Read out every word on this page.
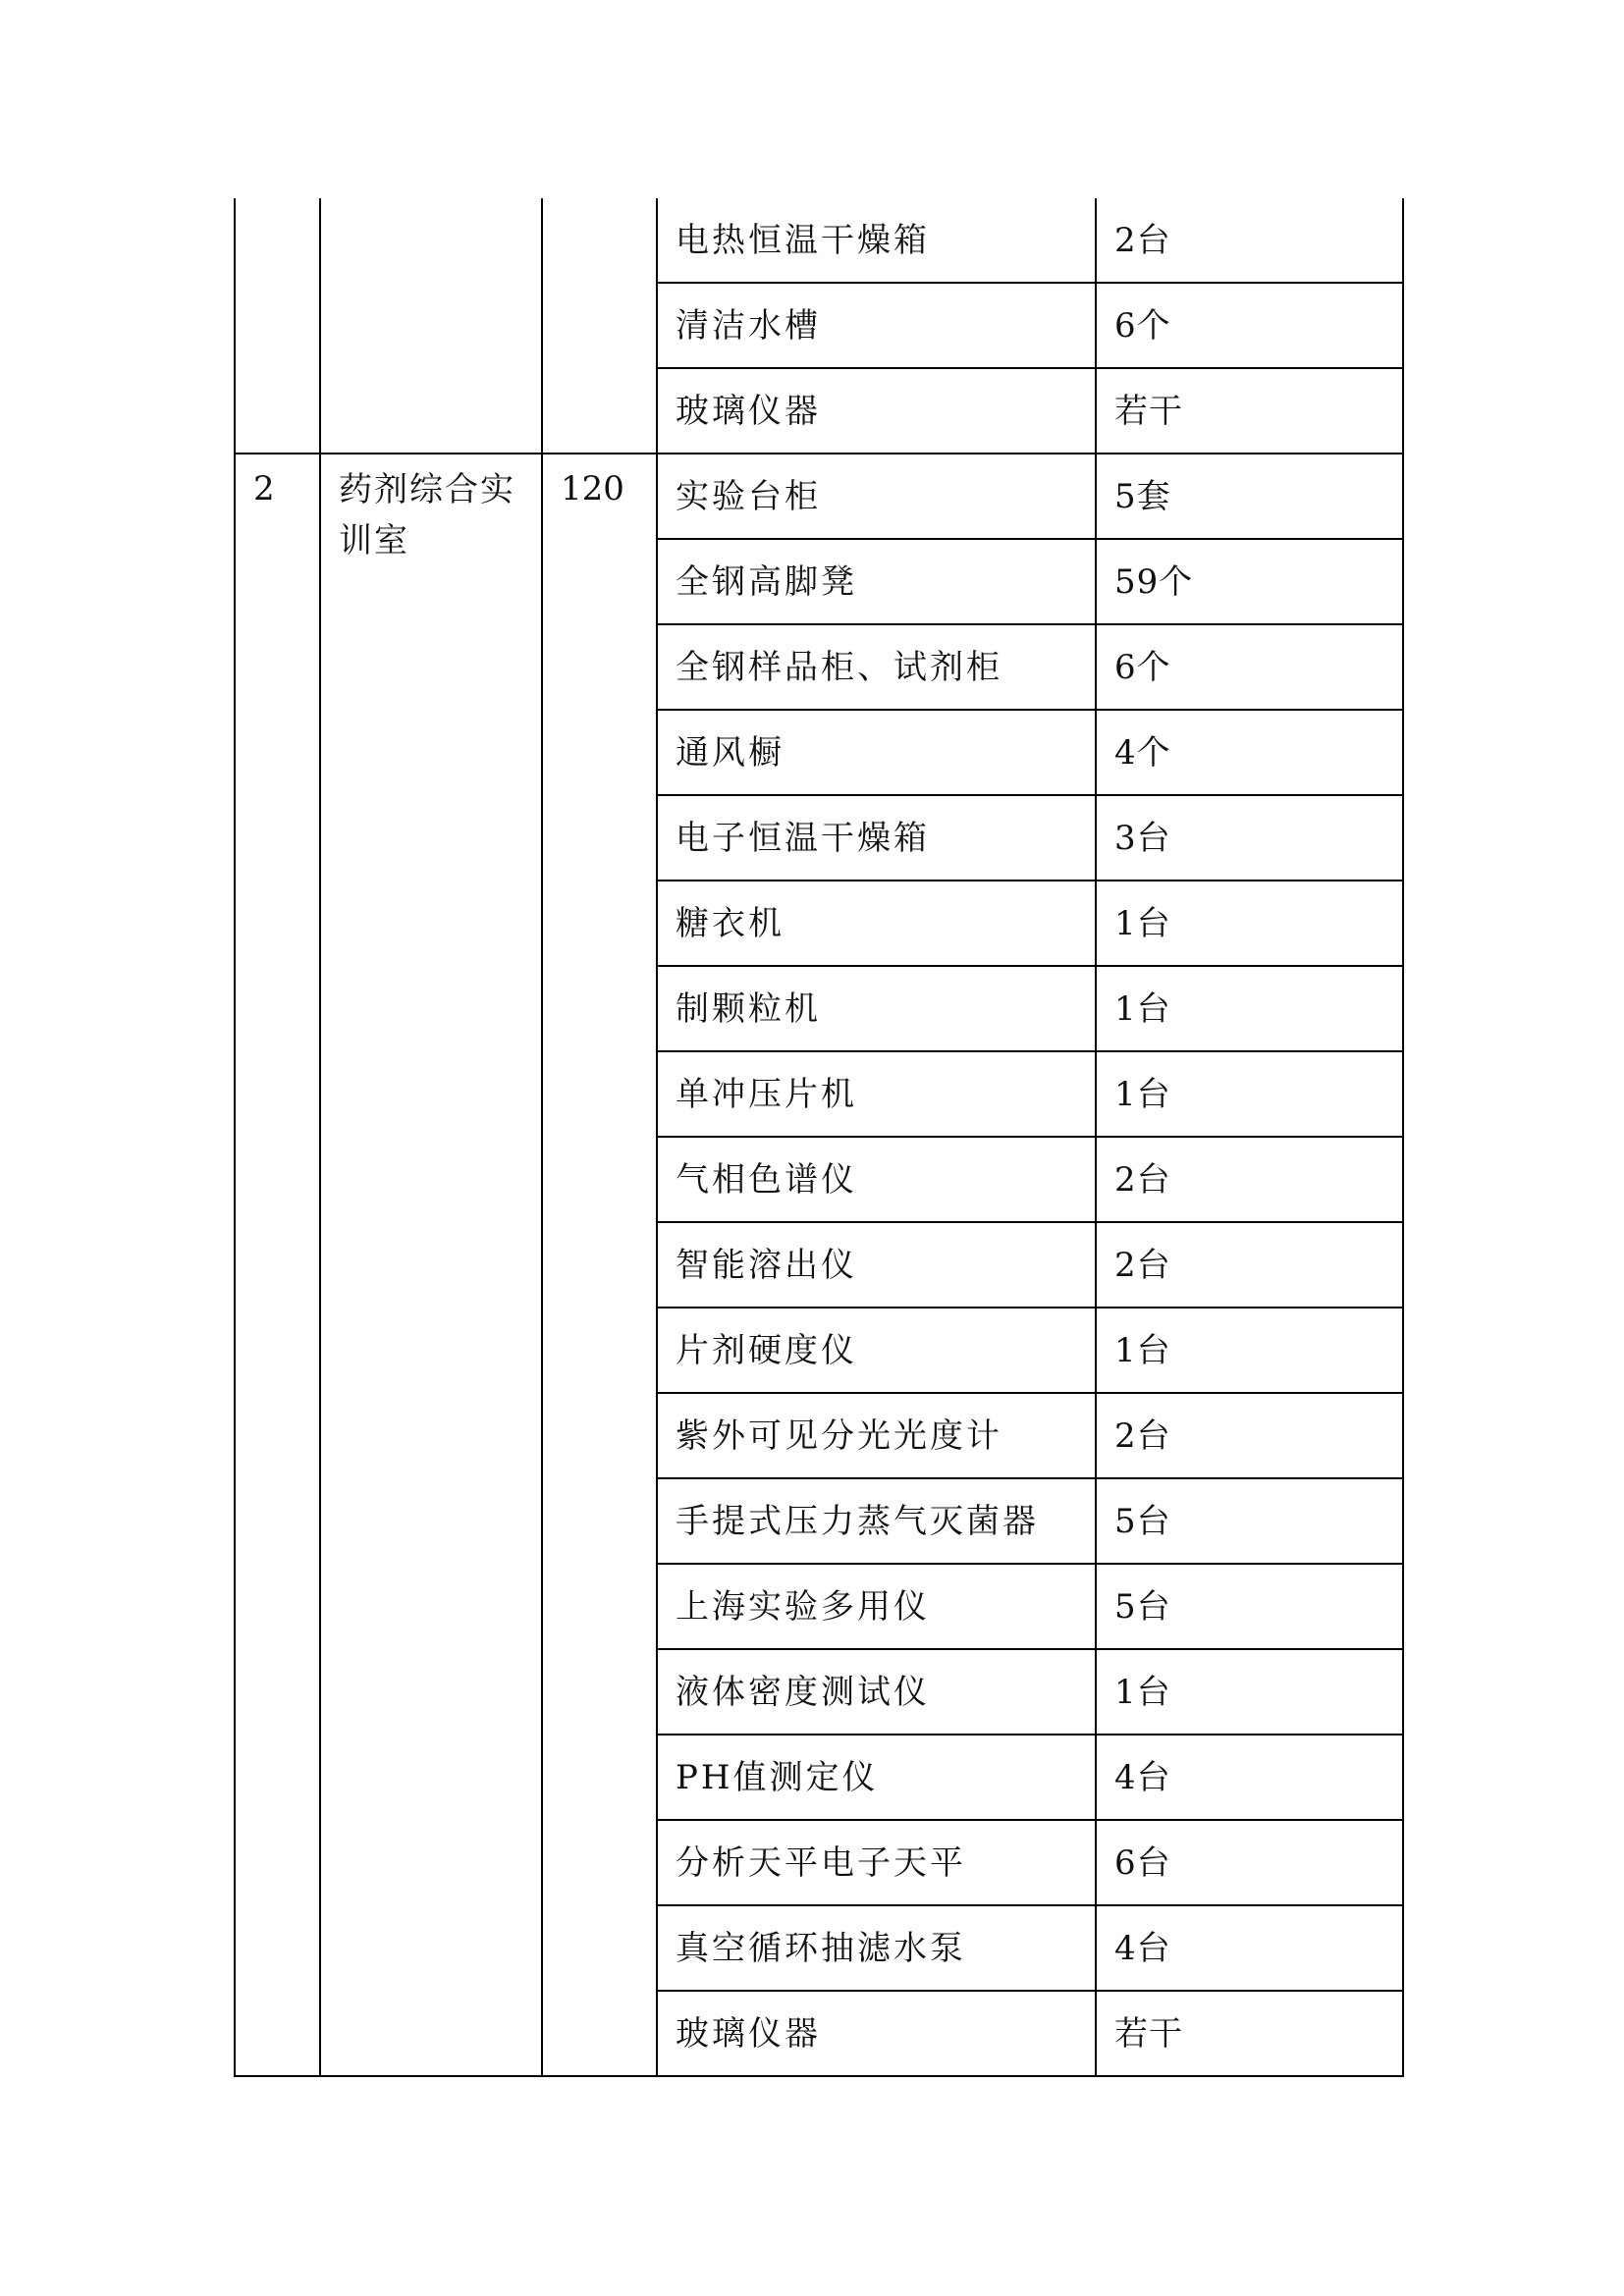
			电热恒温干燥箱	2台
			清洁水槽	6个
			玻璃仪器	若干
2	药剂综合实训室	120	实验台柜	5套
			全钢高脚凳	59个
			全钢样品柜、试剂柜	6个
			通风橱	4个
			电子恒温干燥箱	3台
			糖衣机	1台
			制颗粒机	1台
			单冲压片机	1台
			气相色谱仪	2台
			智能溶出仪	2台
			片剂硬度仪	1台
			紫外可见分光光度计	2台
			手提式压力蒸气灭菌器	5台
			上海实验多用仪	5台
			液体密度测试仪	1台
			PH值测定仪	4台
			分析天平电子天平	6台
			真空循环抽滤水泵	4台
			玻璃仪器	若干
